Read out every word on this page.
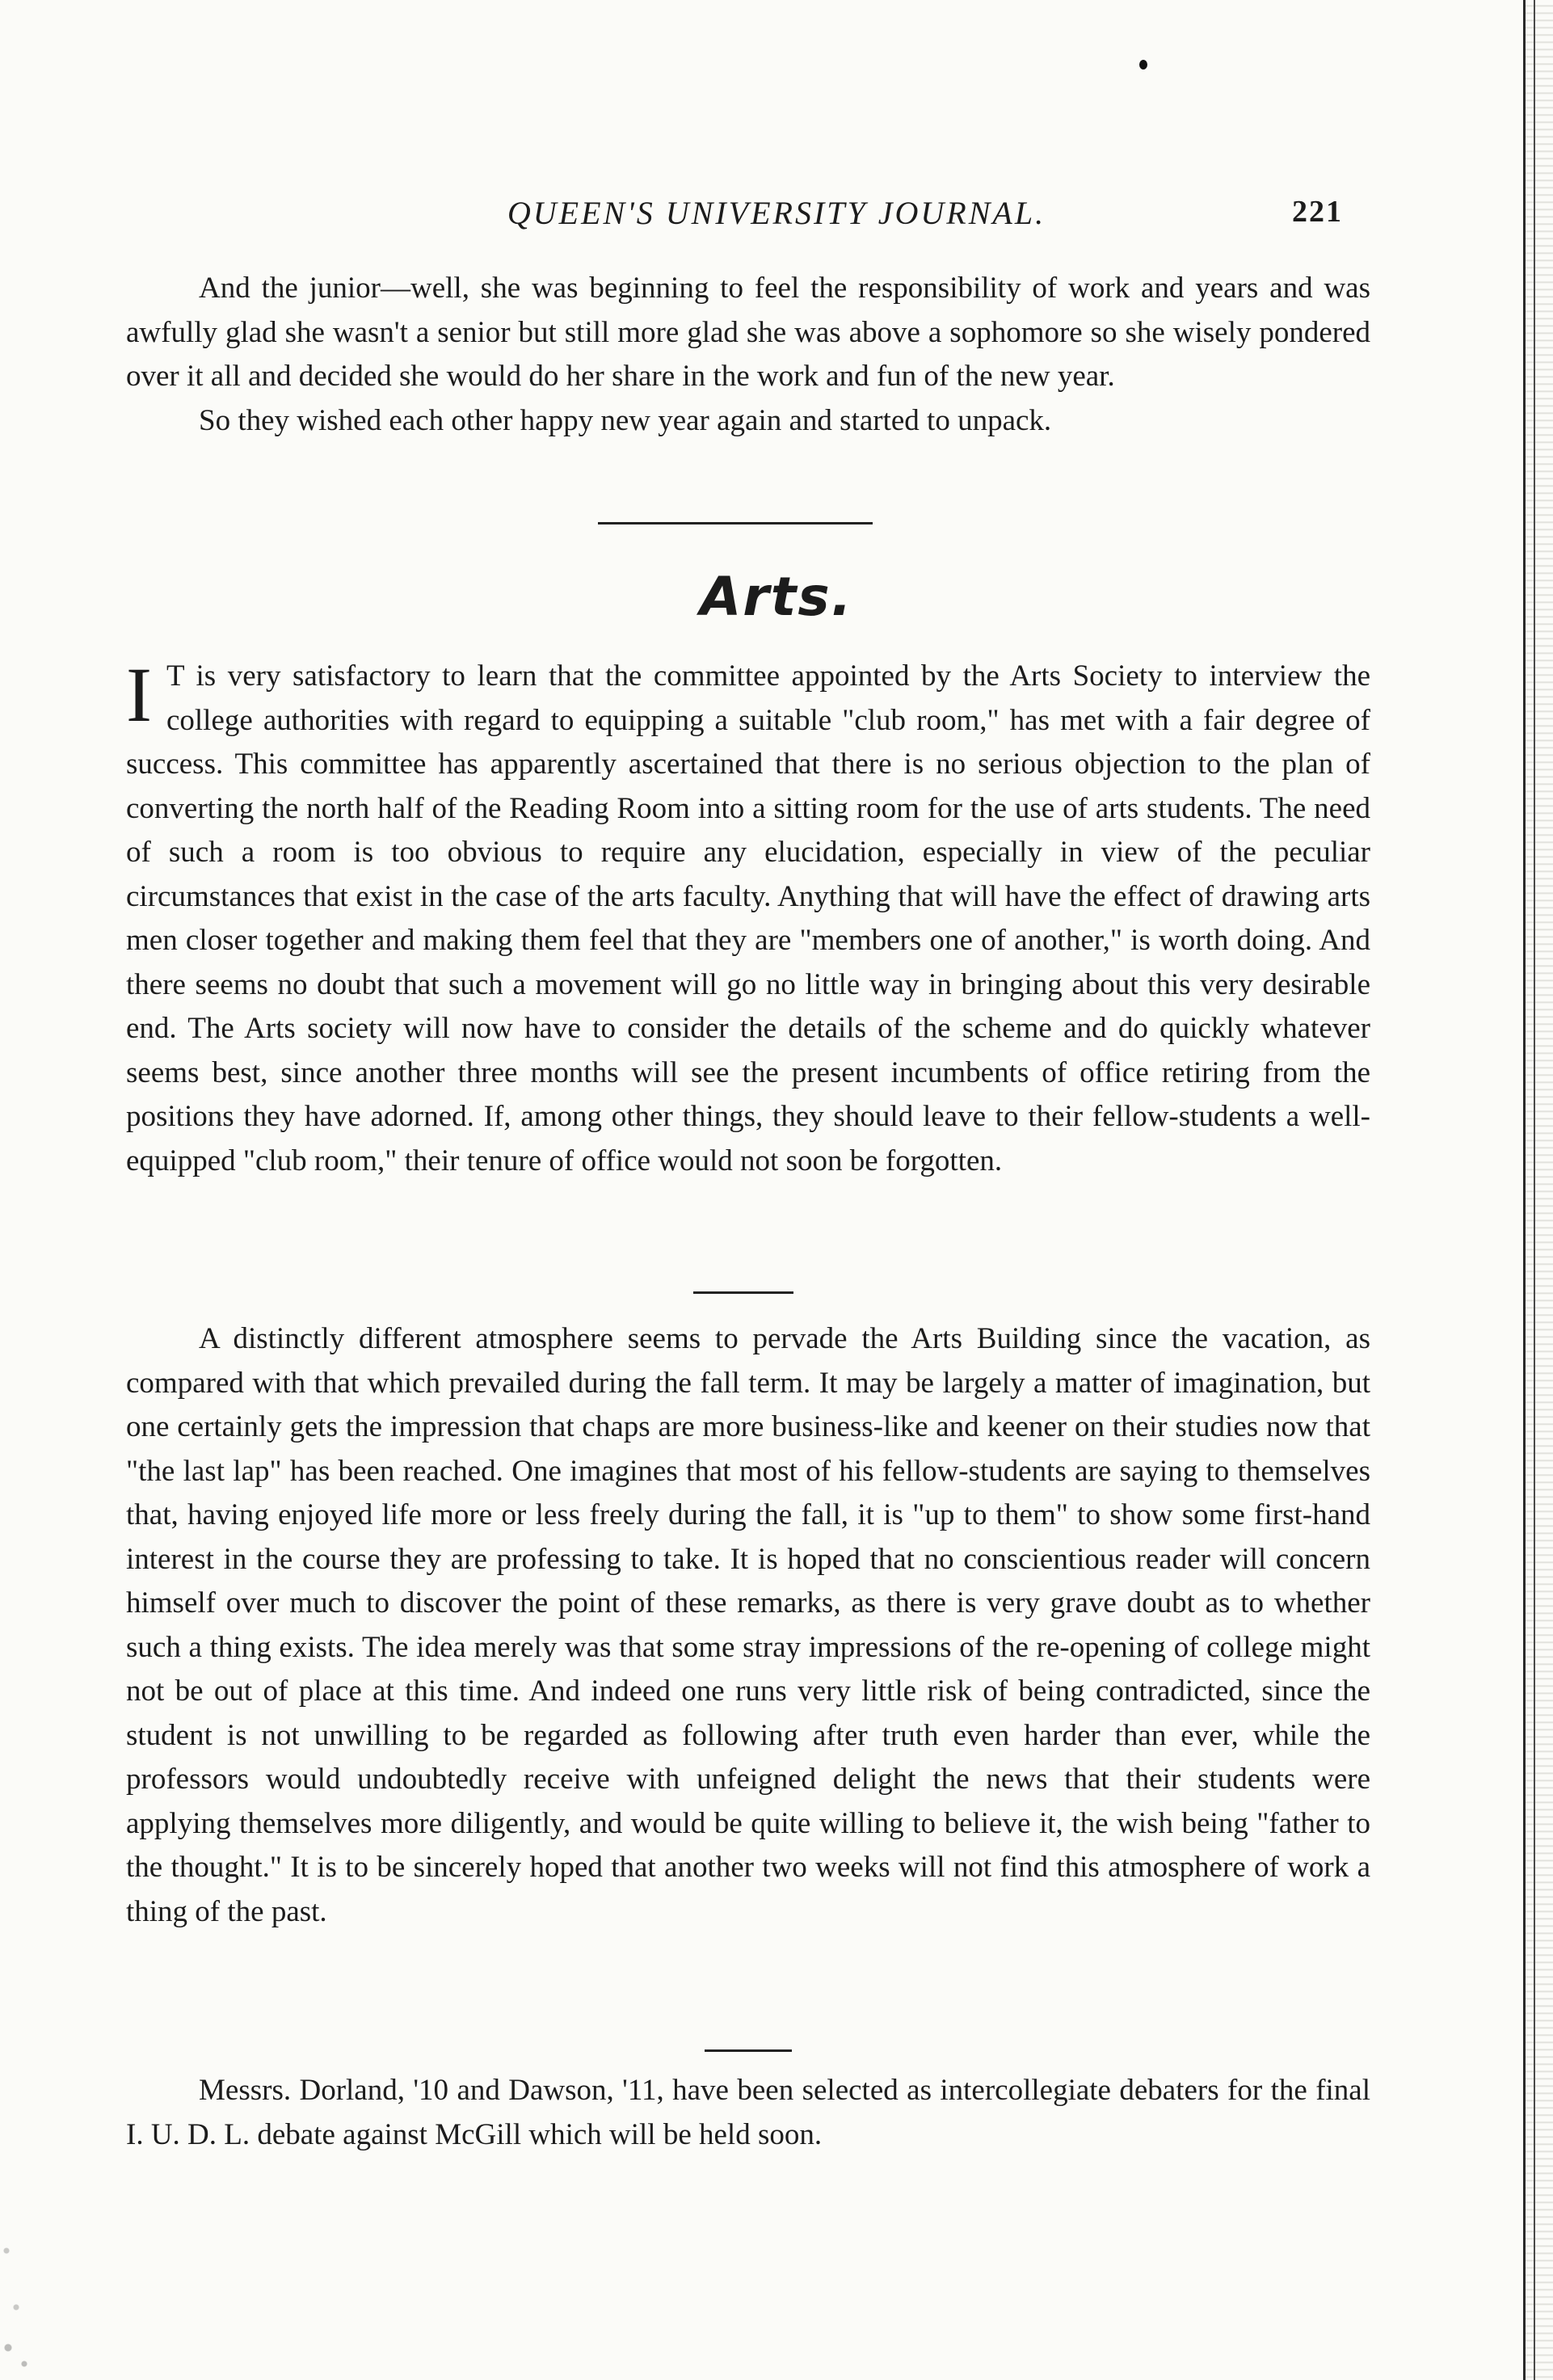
QUEEN'S UNIVERSITY JOURNAL.	221

And the junior—well, she was beginning to feel the responsibility of work and years and was awfully glad she wasn't a senior but still more glad she was above a sophomore so she wisely pondered over it all and decided she would do her share in the work and fun of the new year.

So they wished each other happy new year again and started to unpack.

Arts.

I T is very satisfactory to learn that the committee appointed by the Arts Society to interview the college authorities with regard to equipping a suitable "club room," has met with a fair degree of success. This committee has apparently ascertained that there is no serious objection to the plan of converting the north half of the Reading Room into a sitting room for the use of arts students. The need of such a room is too obvious to require any elucidation, especially in view of the peculiar circumstances that exist in the case of the arts faculty. Anything that will have the effect of drawing arts men closer together and making them feel that they are "members one of another," is worth doing. And there seems no doubt that such a movement will go no little way in bringing about this very desirable end. The Arts society will now have to consider the details of the scheme and do quickly whatever seems best, since another three months will see the present incumbents of office retiring from the positions they have adorned. If, among other things, they should leave to their fellow-students a well-equipped "club room," their tenure of office would not soon be forgotten.

A distinctly different atmosphere seems to pervade the Arts Building since the vacation, as compared with that which prevailed during the fall term. It may be largely a matter of imagination, but one certainly gets the impression that chaps are more business-like and keener on their studies now that "the last lap" has been reached. One imagines that most of his fellow-students are saying to themselves that, having enjoyed life more or less freely during the fall, it is "up to them" to show some first-hand interest in the course they are professing to take. It is hoped that no conscientious reader will concern himself over much to discover the point of these remarks, as there is very grave doubt as to whether such a thing exists. The idea merely was that some stray impressions of the re-opening of college might not be out of place at this time. And indeed one runs very little risk of being contradicted, since the student is not unwilling to be regarded as following after truth even harder than ever, while the professors would undoubtedly receive with unfeigned delight the news that their students were applying themselves more diligently, and would be quite willing to believe it, the wish being "father to the thought." It is to be sincerely hoped that another two weeks will not find this atmosphere of work a thing of the past.

Messrs. Dorland, '10 and Dawson, '11, have been selected as intercollegiate debaters for the final I. U. D. L. debate against McGill which will be held soon.
